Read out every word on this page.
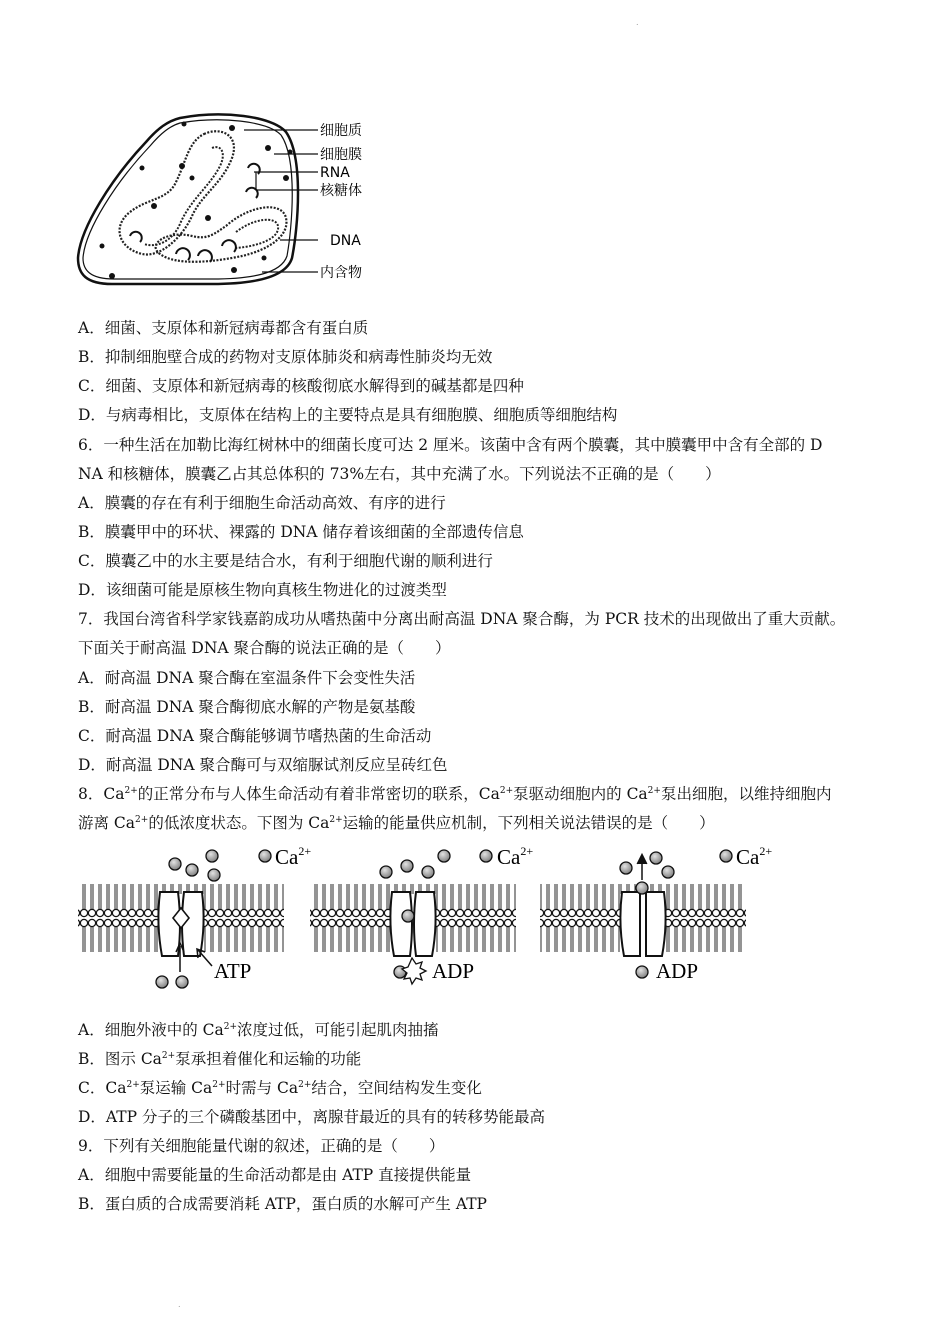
.
.
细胞质
细胞膜
RNA
核糖体
DNA
内含物
A．细菌、支原体和新冠病毒都含有蛋白质
B．抑制细胞壁合成的药物对支原体肺炎和病毒性肺炎均无效
C．细菌、支原体和新冠病毒的核酸彻底水解得到的碱基都是四种
D．与病毒相比，支原体在结构上的主要特点是具有细胞膜、细胞质等细胞结构
6．一种生活在加勒比海红树林中的细菌长度可达 2 厘米。该菌中含有两个膜囊，其中膜囊甲中含有全部的 D
NA 和核糖体，膜囊乙占其总体积的 73%左右，其中充满了水。下列说法不正确的是（　　）
A．膜囊的存在有利于细胞生命活动高效、有序的进行
B．膜囊甲中的环状、裸露的 DNA 储存着该细菌的全部遗传信息
C．膜囊乙中的水主要是结合水，有利于细胞代谢的顺利进行
D．该细菌可能是原核生物向真核生物进化的过渡类型
7．我国台湾省科学家钱嘉韵成功从嗜热菌中分离出耐高温 DNA 聚合酶，为 PCR 技术的出现做出了重大贡献。
下面关于耐高温 DNA 聚合酶的说法正确的是（　　）
A．耐高温 DNA 聚合酶在室温条件下会变性失活
B．耐高温 DNA 聚合酶彻底水解的产物是氨基酸
C．耐高温 DNA 聚合酶能够调节嗜热菌的生命活动
D．耐高温 DNA 聚合酶可与双缩脲试剂反应呈砖红色
8．$Ca^{2+}$的正常分布与人体生命活动有着非常密切的联系，$Ca^{2+}$泵驱动细胞内的 $Ca^{2+}$泵出细胞，以维持细胞内
游离 $Ca^{2+}$的低浓度状态。下图为 $Ca^{2+}$运输的能量供应机制，下列相关说法错误的是（　　）
ATP
$Ca^{2+}$
ADP
$Ca^{2+}$
ADP
$Ca^{2+}$
A．细胞外液中的 $Ca^{2+}$浓度过低，可能引起肌肉抽搐
B．图示 $Ca^{2+}$泵承担着催化和运输的功能
C．$Ca^{2+}$泵运输 $Ca^{2+}$时需与 $Ca^{2+}$结合，空间结构发生变化
D．ATP 分子的三个磷酸基团中，离腺苷最近的具有的转移势能最高
9．下列有关细胞能量代谢的叙述，正确的是（　　）
A．细胞中需要能量的生命活动都是由 ATP 直接提供能量
B．蛋白质的合成需要消耗 ATP，蛋白质的水解可产生 ATP
